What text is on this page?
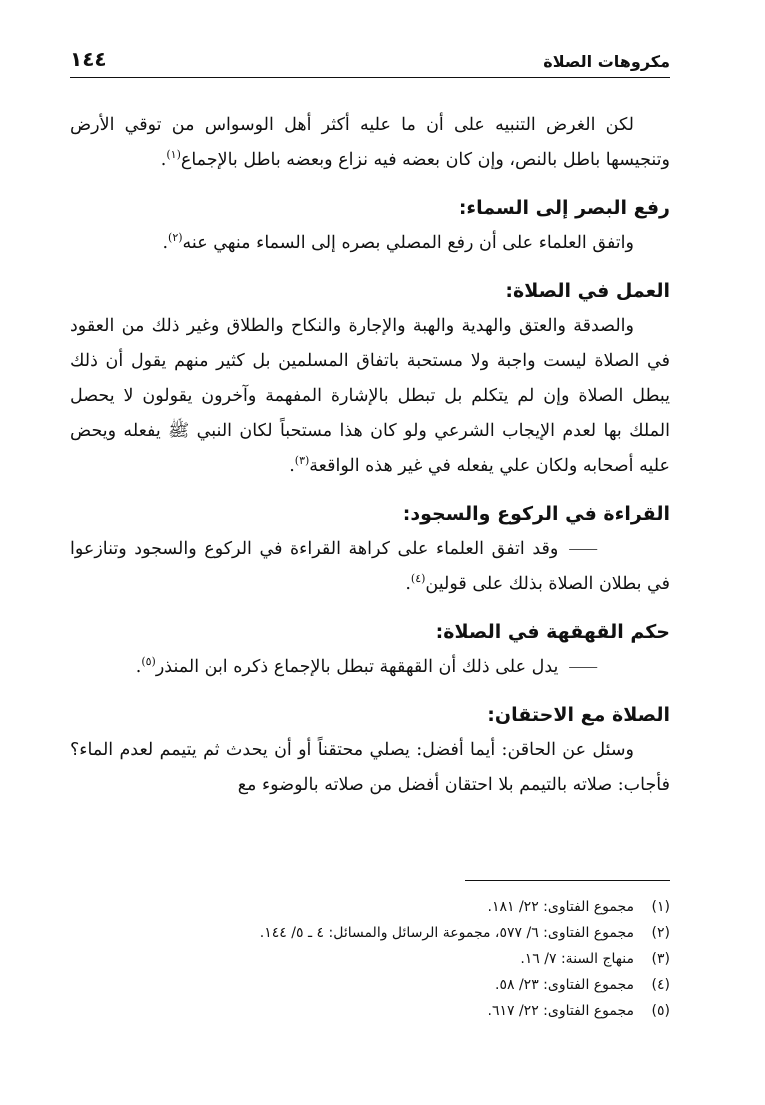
مكروهات الصلاة
١٤٤

لكن الغرض التنبيه على أن ما عليه أكثر أهل الوسواس من توقي الأرض وتنجيسها باطل بالنص، وإن كان بعضه فيه نزاع وبعضه باطل بالإجماع$^{(١)}$.

رفع البصر إلى السماء:

واتفق العلماء على أن رفع المصلي بصره إلى السماء منهي عنه$^{(٢)}$.

العمل في الصلاة:

والصدقة والعتق والهدية والهبة والإجارة والنكاح والطلاق وغير ذلك من العقود في الصلاة ليست واجبة ولا مستحبة باتفاق المسلمين بل كثير منهم يقول أن ذلك يبطل الصلاة وإن لم يتكلم بل تبطل بالإشارة المفهمة وآخرون يقولون لا يحصل الملك بها لعدم الإيجاب الشرعي ولو كان هذا مستحباً لكان النبي ﷺ يفعله ويحض عليه أصحابه ولكان علي يفعله في غير هذه الواقعة$^{(٣)}$.

القراءة في الركوع والسجود:

⸺وقد اتفق العلماء على كراهة القراءة في الركوع والسجود وتنازعوا في بطلان الصلاة بذلك على قولين$^{(٤)}$.

حكم القهقهة في الصلاة:

⸺يدل على ذلك أن القهقهة تبطل بالإجماع ذكره ابن المنذر$^{(٥)}$.

الصلاة مع الاحتقان:

وسئل عن الحاقن: أيما أفضل: يصلي محتقناً أو أن يحدث ثم يتيمم لعدم الماء؟ فأجاب: صلاته بالتيمم بلا احتقان أفضل من صلاته بالوضوء مع

(١)مجموع الفتاوى: ٢٢/ ١٨١.
(٢)مجموع الفتاوى: ٦/ ٥٧٧، مجموعة الرسائل والمسائل: ٤ ـ ٥/ ١٤٤.
(٣)منهاج السنة: ٧/ ١٦.
(٤)مجموع الفتاوى: ٢٣/ ٥٨.
(٥)مجموع الفتاوى: ٢٢/ ٦١٧.
